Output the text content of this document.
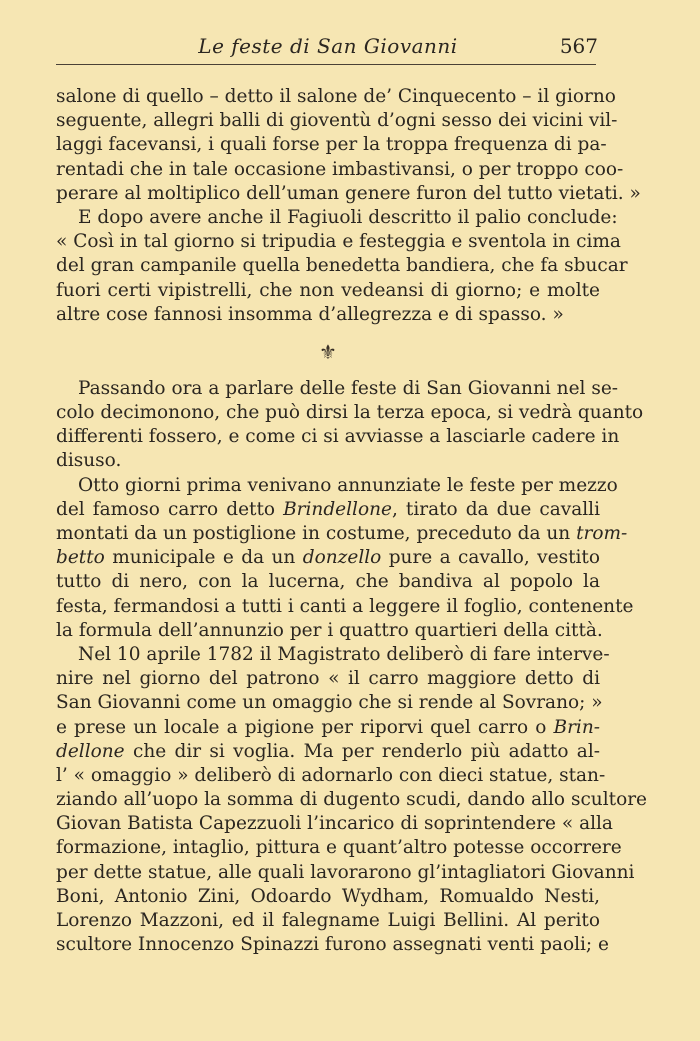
Le feste di San Giovanni	567
salone di quello – detto il salone de’ Cinquecento – il giorno
seguente, allegri balli di gioventù d’ogni sesso dei vicini vil-
laggi facevansi, i quali forse per la troppa frequenza di pa-
rentadi che in tale occasione imbastivansi, o per troppo coo-
perare al moltiplico dell’uman genere furon del tutto vietati. »
E dopo avere anche il Fagiuoli descritto il palio conclude:
« Così in tal giorno si tripudia e festeggia e sventola in cima
del gran campanile quella benedetta bandiera, che fa sbucar
fuori certi vipistrelli, che non vedeansi di giorno; e molte
altre cose fannosi insomma d’allegrezza e di spasso. »
⚜
Passando ora a parlare delle feste di San Giovanni nel se-
colo decimonono, che può dirsi la terza epoca, si vedrà quanto
differenti fossero, e come ci si avviasse a lasciarle cadere in
disuso.
Otto giorni prima venivano annunziate le feste per mezzo
del famoso carro detto Brindellone, tirato da due cavalli
montati da un postiglione in costume, preceduto da un trom-
betto municipale e da un donzello pure a cavallo, vestito
tutto di nero, con la lucerna, che bandiva al popolo la
festa, fermandosi a tutti i canti a leggere il foglio, contenente
la formula dell’annunzio per i quattro quartieri della città.
Nel 10 aprile 1782 il Magistrato deliberò di fare interve-
nire nel giorno del patrono « il carro maggiore detto di
San Giovanni come un omaggio che si rende al Sovrano; »
e prese un locale a pigione per riporvi quel carro o Brin-
dellone che dir si voglia. Ma per renderlo più adatto al-
l’ « omaggio » deliberò di adornarlo con dieci statue, stan-
ziando all’uopo la somma di dugento scudi, dando allo scultore
Giovan Batista Capezzuoli l’incarico di soprintendere « alla
formazione, intaglio, pittura e quant’altro potesse occorrere
per dette statue, alle quali lavorarono gl’intagliatori Giovanni
Boni, Antonio Zini, Odoardo Wydham, Romualdo Nesti,
Lorenzo Mazzoni, ed il falegname Luigi Bellini. Al perito
scultore Innocenzo Spinazzi furono assegnati venti paoli; e
